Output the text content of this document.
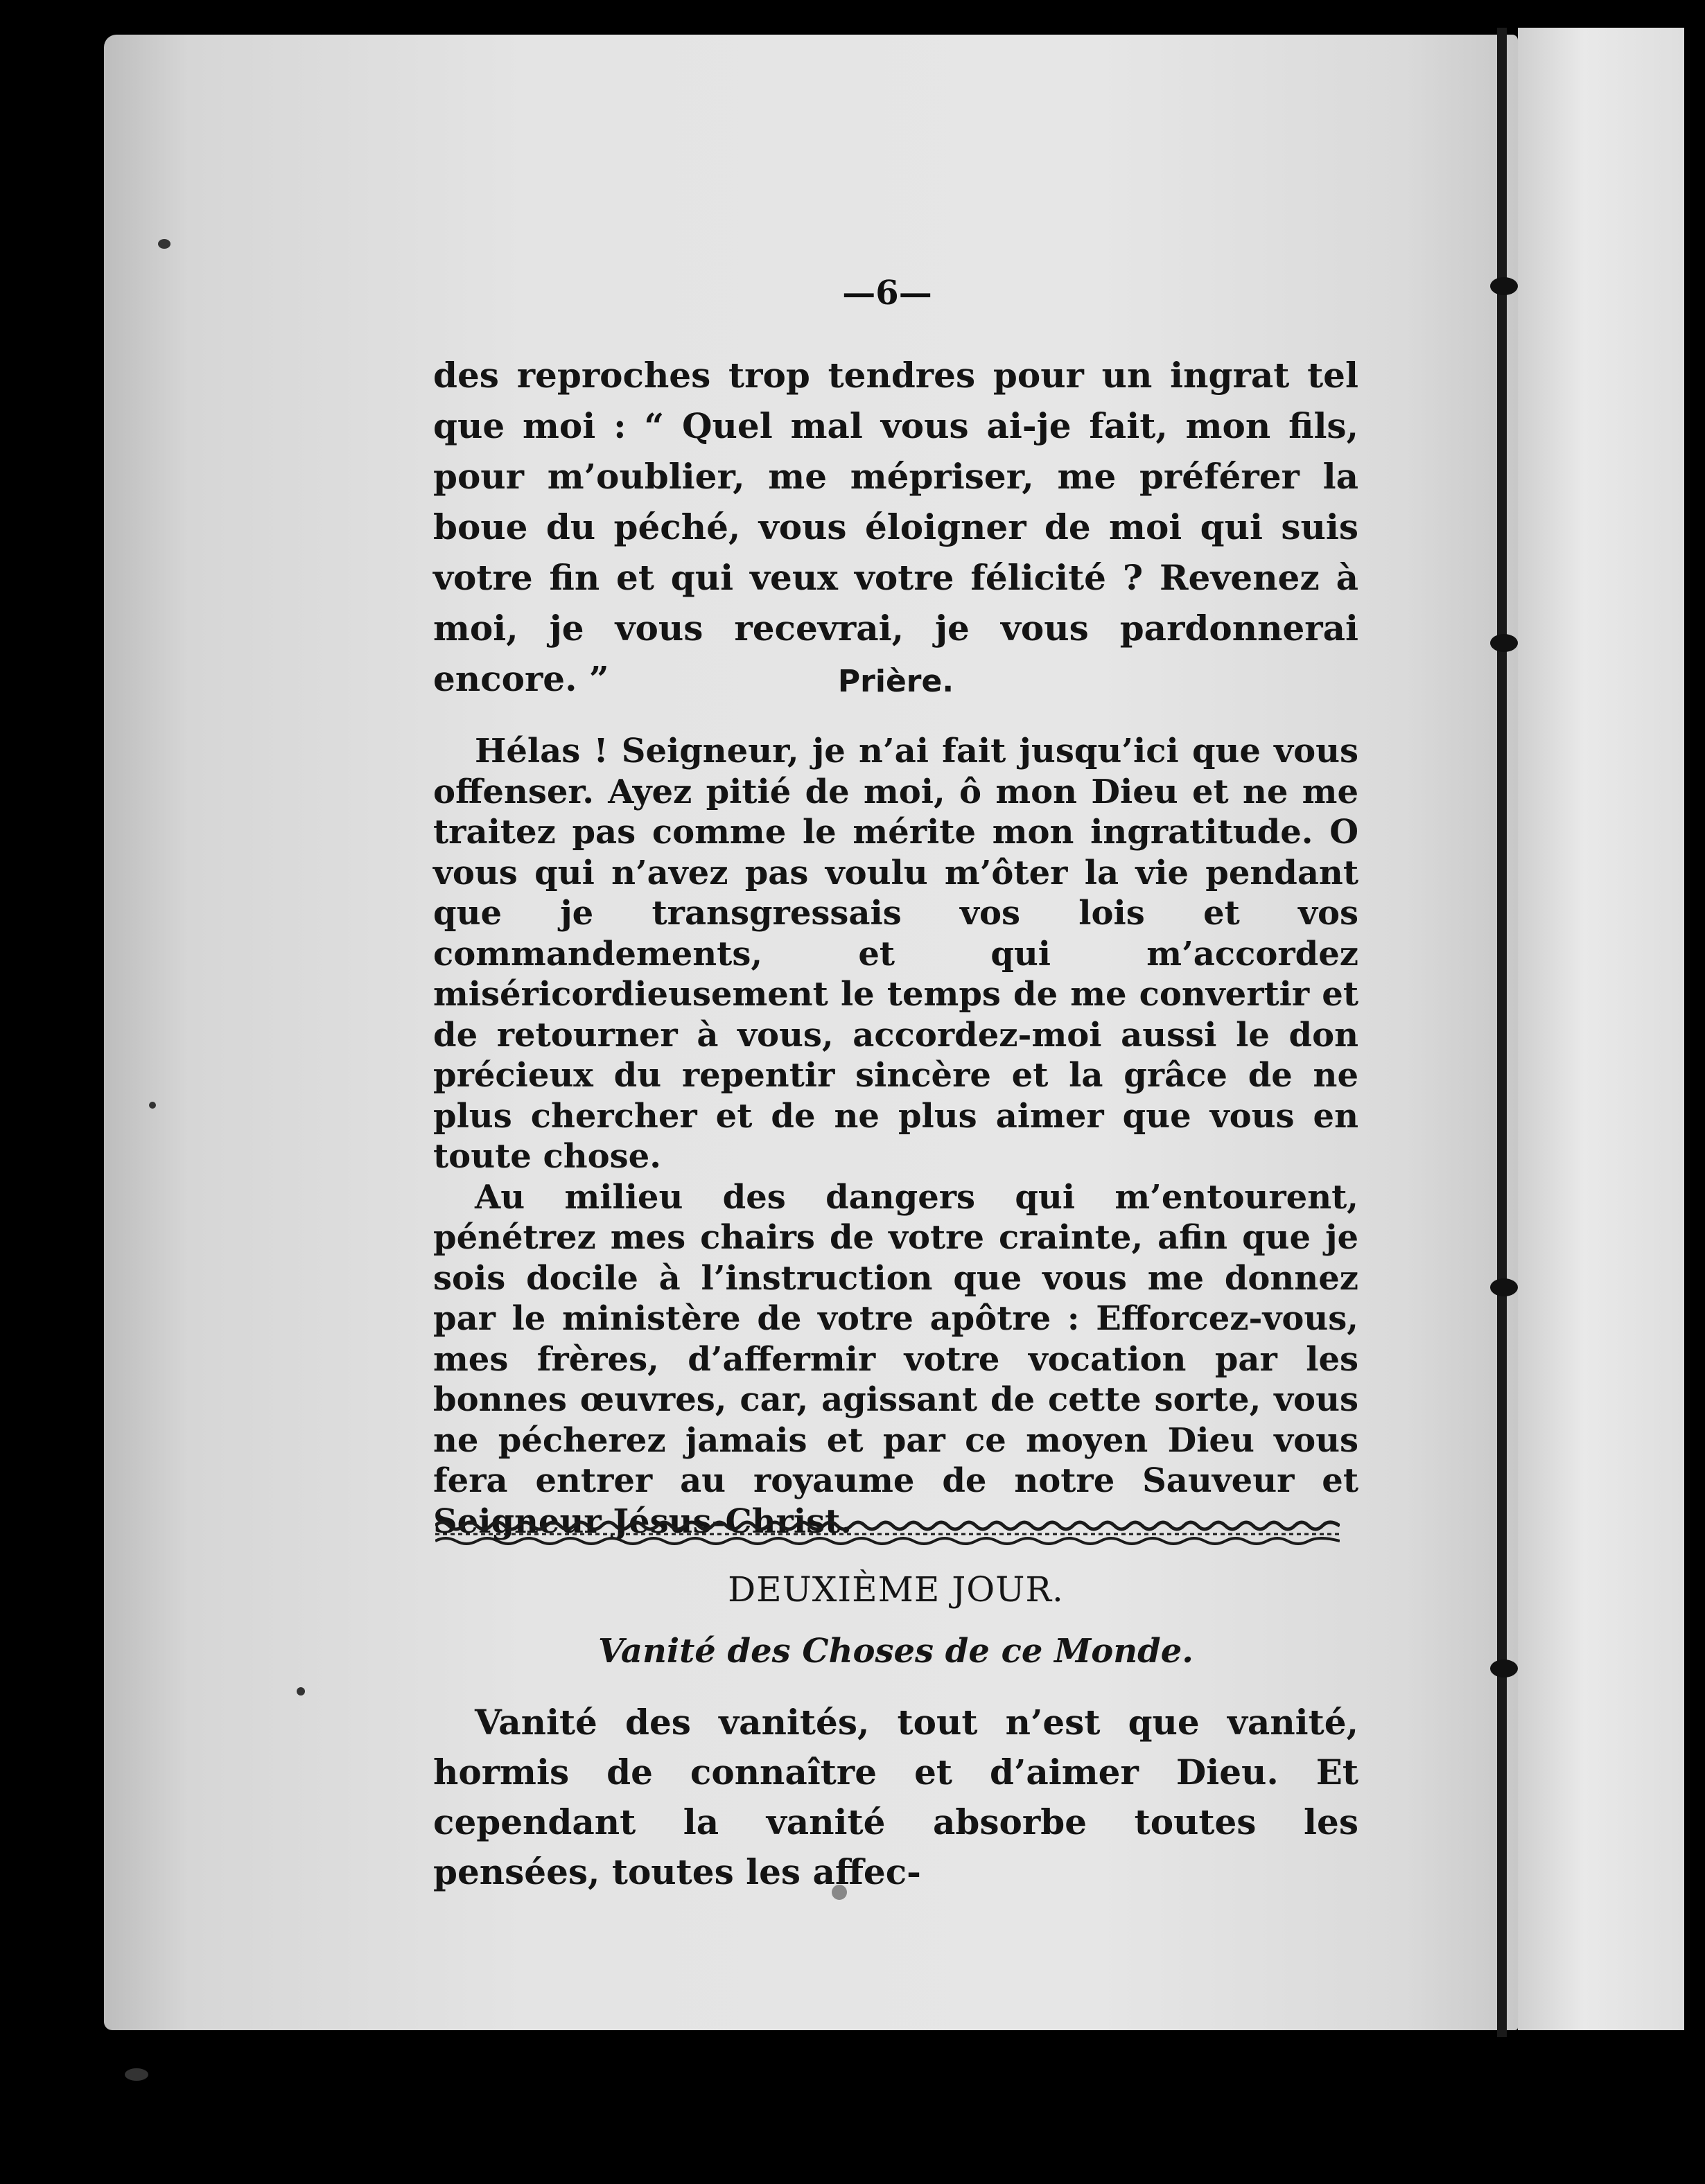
—6—

des reproches trop tendres pour un ingrat tel que moi : “ Quel mal vous ai-je fait, mon fils, pour m’oublier, me mépriser, me préférer la boue du péché, vous éloigner de moi qui suis votre fin et qui veux votre félicité ? Revenez à moi, je vous recevrai, je vous pardonnerai encore. ”	Prière.

Hélas ! Seigneur, je n’ai fait jusqu’ici que vous offenser. Ayez pitié de moi, ô mon Dieu et ne me traitez pas comme le mérite mon ingratitude. O vous qui n’avez pas voulu m’ôter la vie pendant que je transgressais vos lois et vos commandements, et qui m’accordez miséricordieusement le temps de me convertir et de retourner à vous, accordez-moi aussi le don précieux du repentir sincère et la grâce de ne plus chercher et de ne plus aimer que vous en toute chose.

Au milieu des dangers qui m’entourent, pénétrez mes chairs de votre crainte, afin que je sois docile à l’instruction que vous me donnez par le ministère de votre apôtre : Efforcez-vous, mes frères, d’affermir votre vocation par les bonnes œuvres, car, agissant de cette sorte, vous ne pécherez jamais et par ce moyen Dieu vous fera entrer au royaume de notre Sauveur et Seigneur Jésus-Christ.

DEUXIÈME JOUR.
Vanité des Choses de ce Monde.

Vanité des vanités, tout n’est que vanité, hormis de connaître et d’aimer Dieu. Et cependant la vanité absorbe toutes les pensées, toutes les affec-
